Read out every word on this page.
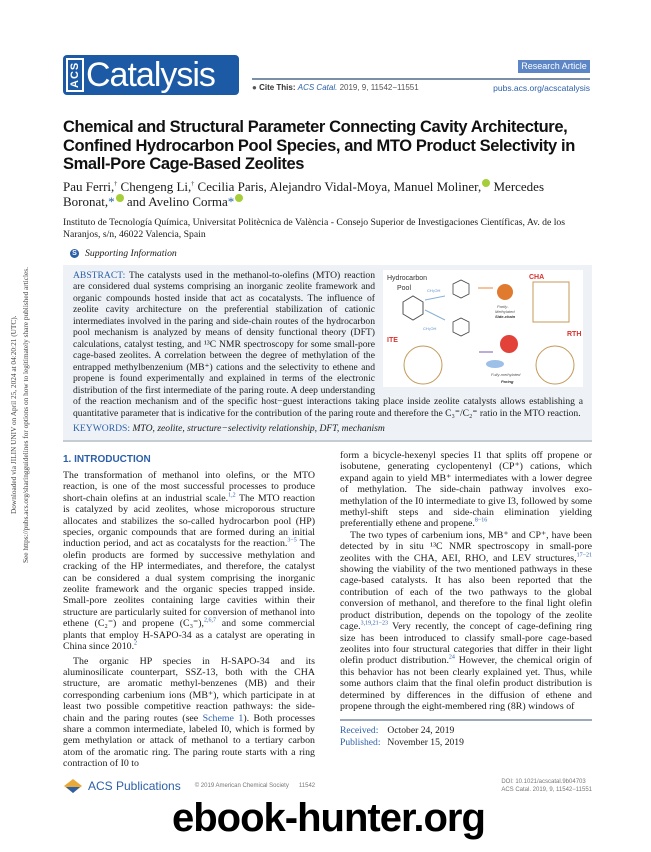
Downloaded via JILIN UNIV on April 25, 2024 at 04:20:21 (UTC). See https://pubs.acs.org/sharingguidelines for options on how to legitimately share published articles.
ACS Catalysis	Research Article
● Cite This: ACS Catal. 2019, 9, 11542−11551	pubs.acs.org/acscatalysis
Chemical and Structural Parameter Connecting Cavity Architecture, Confined Hydrocarbon Pool Species, and MTO Product Selectivity in Small-Pore Cage-Based Zeolites
Pau Ferri,† Chengeng Li,† Cecilia Paris, Alejandro Vidal-Moya, Manuel Moliner, Mercedes Boronat,* and Avelino Corma*
Instituto de Tecnología Química, Universitat Politècnica de València - Consejo Superior de Investigaciones Científicas, Av. de los Naranjos, s/n, 46022 Valencia, Spain
S Supporting Information
Hydrocarbon
Pool	CH₃OH
CH₃OH
CHA
Partly-
Methylated
Side-chain
ITE
Fully-methylated
Paring
RTH
ABSTRACT: The catalysts used in the methanol-to-olefins (MTO) reaction are considered dual systems comprising an inorganic zeolite framework and organic compounds hosted inside that act as cocatalysts. The influence of zeolite cavity architecture on the preferential stabilization of cationic intermediates involved in the paring and side-chain routes of the hydrocarbon pool mechanism is analyzed by means of density functional theory (DFT) calculations, catalyst testing, and ¹³C NMR spectroscopy for some small-pore cage-based zeolites. A correlation between the degree of methylation of the entrapped methylbenzenium (MB⁺) cations and the selectivity to ethene and propene is found experimentally and explained in terms of the electronic distribution of the first intermediate of the paring route. A deep understanding of the reaction mechanism and of the specific host−guest interactions taking place inside zeolite catalysts allows establishing a quantitative parameter that is indicative for the contribution of the paring route and therefore the C₃⁼/C₂⁼ ratio in the MTO reaction.
KEYWORDS: MTO, zeolite, structure−selectivity relationship, DFT, mechanism
1. INTRODUCTION

The transformation of methanol into olefins, or the MTO reaction, is one of the most successful processes to produce short-chain olefins at an industrial scale.$^{1,2}$ The MTO reaction is catalyzed by acid zeolites, whose microporous structure allocates and stabilizes the so-called hydrocarbon pool (HP) species, organic compounds that are formed during an initial induction period, and act as cocatalysts for the reaction.$^{3-5}$ The olefin products are formed by successive methylation and cracking of the HP intermediates, and therefore, the catalyst can be considered a dual system comprising the inorganic zeolite framework and the organic species trapped inside. Small-pore zeolites containing large cavities within their structure are particularly suited for conversion of methanol into ethene (C₂⁼) and propene (C₃⁼),$^{2,6,7}$ and some commercial plants that employ H-SAPO-34 as a catalyst are operating in China since 2010.$^2$

The organic HP species in H-SAPO-34 and its aluminosilicate counterpart, SSZ-13, both with the CHA structure, are aromatic methyl-benzenes (MB) and their corresponding carbenium ions (MB⁺), which participate in at least two possible competitive reaction pathways: the side-chain and the paring routes (see Scheme 1). Both processes share a common intermediate, labeled I0, which is formed by gem methylation or attack of methanol to a tertiary carbon atom of the aromatic ring. The paring route starts with a ring contraction of I0 to

form a bicycle-hexenyl species I1 that splits off propene or isobutene, generating cyclopentenyl (CP⁺) cations, which expand again to yield MB⁺ intermediates with a lower degree of methylation. The side-chain pathway involves exo-methylation of the I0 intermediate to give I3, followed by some methyl-shift steps and side-chain elimination yielding preferentially ethene and propene.$^{8-16}$

The two types of carbenium ions, MB⁺ and CP⁺, have been detected by in situ ¹³C NMR spectroscopy in small-pore zeolites with the CHA, AEI, RHO, and LEV structures,$^{17-21}$ showing the viability of the two mentioned pathways in these cage-based catalysts. It has also been reported that the contribution of each of the two pathways to the global conversion of methanol, and therefore to the final light olefin product distribution, depends on the topology of the zeolite cage.$^{3,19,21-23}$ Very recently, the concept of cage-defining ring size has been introduced to classify small-pore cage-based zeolites into four structural categories that differ in their light olefin product distribution.$^{24}$ However, the chemical origin of this behavior has not been clearly explained yet. Thus, while some authors claim that the final olefin product distribution is determined by differences in the diffusion of ethene and propene through the eight-membered ring (8R) windows of

Received: October 24, 2019
Published: November 15, 2019
ACS Publications © 2019 American Chemical Society 11542
DOI: 10.1021/acscatal.9b04703
ACS Catal. 2019, 9, 11542−11551
ebook-hunter.org
